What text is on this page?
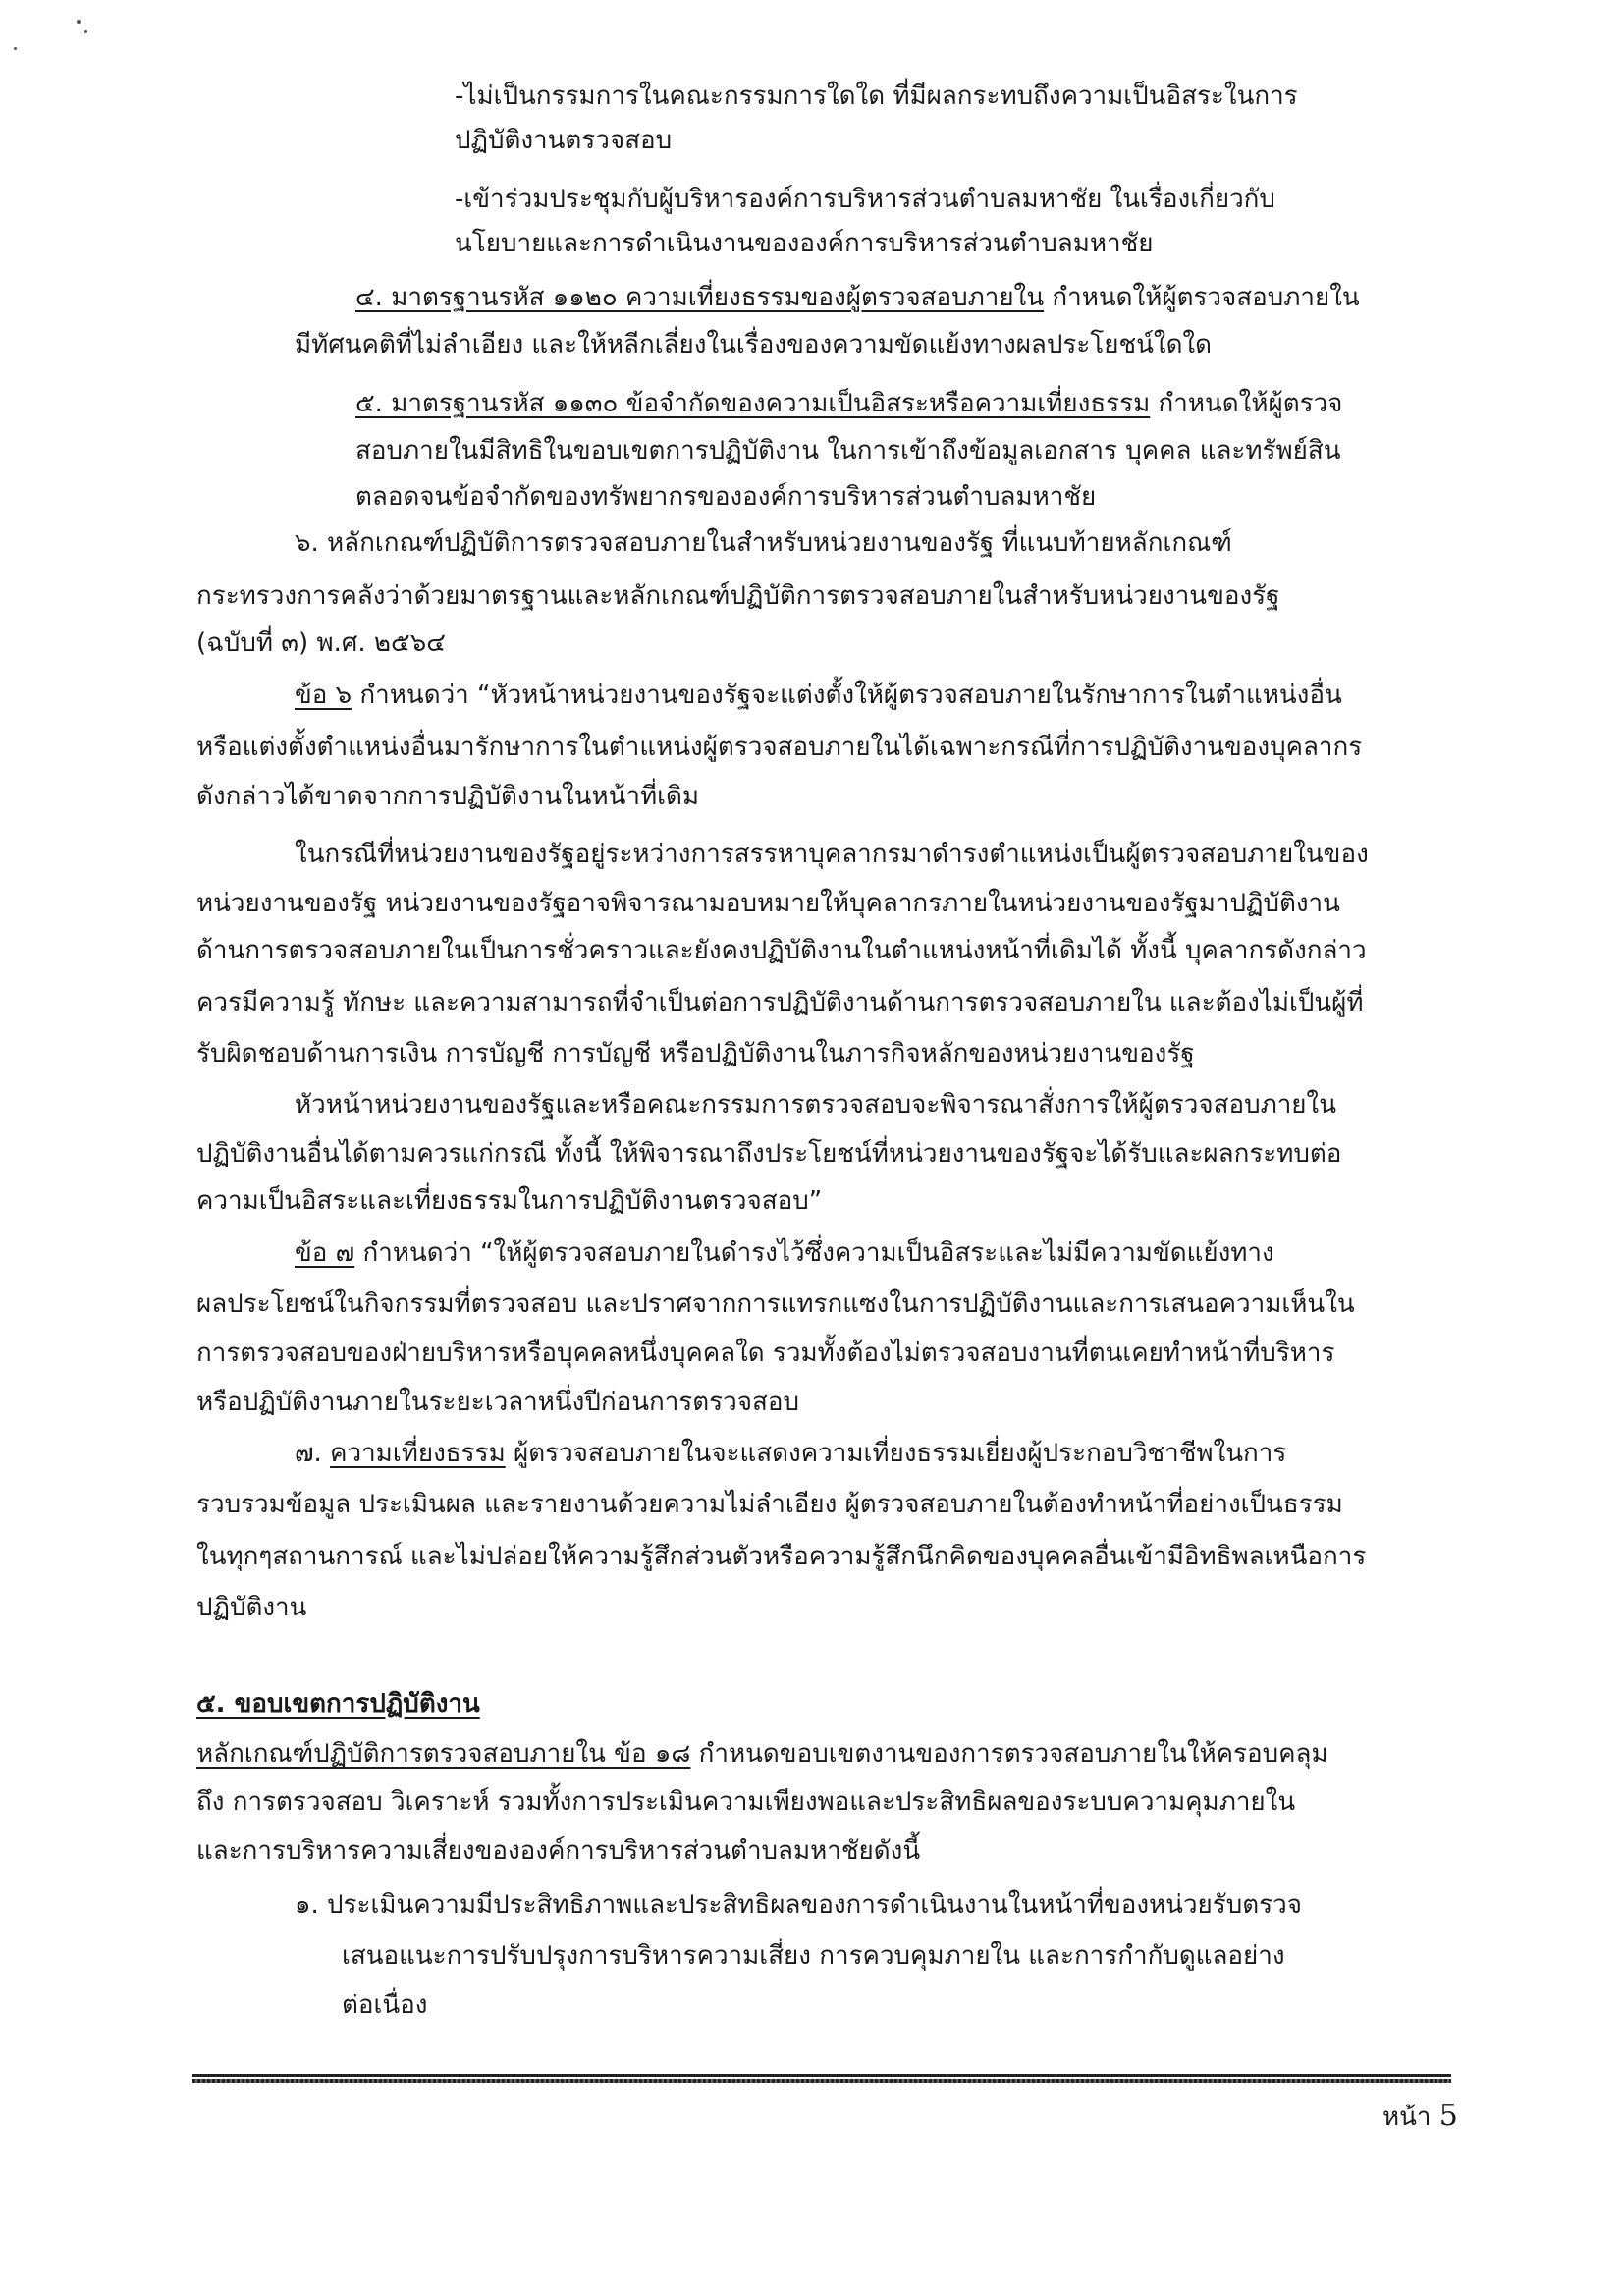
-ไม่เป็นกรรมการในคณะกรรมการใดใด ที่มีผลกระทบถึงความเป็นอิสระในการ
ปฏิบัติงานตรวจสอบ
-เข้าร่วมประชุมกับผู้บริหารองค์การบริหารส่วนตำบลมหาชัย ในเรื่องเกี่ยวกับ
นโยบายและการดำเนินงานขององค์การบริหารส่วนตำบลมหาชัย
๔. มาตรฐานรหัส ๑๑๒๐ ความเที่ยงธรรมของผู้ตรวจสอบภายใน กำหนดให้ผู้ตรวจสอบภายใน
มีทัศนคติที่ไม่ลำเอียง และให้หลีกเลี่ยงในเรื่องของความขัดแย้งทางผลประโยชน์ใดใด
๕. มาตรฐานรหัส ๑๑๓๐ ข้อจำกัดของความเป็นอิสระหรือความเที่ยงธรรม กำหนดให้ผู้ตรวจ
สอบภายในมีสิทธิในขอบเขตการปฏิบัติงาน ในการเข้าถึงข้อมูลเอกสาร บุคคล และทรัพย์สิน
ตลอดจนข้อจำกัดของทรัพยากรขององค์การบริหารส่วนตำบลมหาชัย
๖. หลักเกณฑ์ปฏิบัติการตรวจสอบภายในสำหรับหน่วยงานของรัฐ ที่แนบท้ายหลักเกณฑ์
กระทรวงการคลังว่าด้วยมาตรฐานและหลักเกณฑ์ปฏิบัติการตรวจสอบภายในสำหรับหน่วยงานของรัฐ
(ฉบับที่ ๓) พ.ศ. ๒๕๖๔
ข้อ ๖ กำหนดว่า “หัวหน้าหน่วยงานของรัฐจะแต่งตั้งให้ผู้ตรวจสอบภายในรักษาการในตำแหน่งอื่น
หรือแต่งตั้งตำแหน่งอื่นมารักษาการในตำแหน่งผู้ตรวจสอบภายในได้เฉพาะกรณีที่การปฏิบัติงานของบุคลากร
ดังกล่าวได้ขาดจากการปฏิบัติงานในหน้าที่เดิม
ในกรณีที่หน่วยงานของรัฐอยู่ระหว่างการสรรหาบุคลากรมาดำรงตำแหน่งเป็นผู้ตรวจสอบภายในของ
หน่วยงานของรัฐ หน่วยงานของรัฐอาจพิจารณามอบหมายให้บุคลากรภายในหน่วยงานของรัฐมาปฏิบัติงาน
ด้านการตรวจสอบภายในเป็นการชั่วคราวและยังคงปฏิบัติงานในตำแหน่งหน้าที่เดิมได้ ทั้งนี้ บุคลากรดังกล่าว
ควรมีความรู้ ทักษะ และความสามารถที่จำเป็นต่อการปฏิบัติงานด้านการตรวจสอบภายใน และต้องไม่เป็นผู้ที่
รับผิดชอบด้านการเงิน การบัญชี การบัญชี หรือปฏิบัติงานในภารกิจหลักของหน่วยงานของรัฐ
หัวหน้าหน่วยงานของรัฐและหรือคณะกรรมการตรวจสอบจะพิจารณาสั่งการให้ผู้ตรวจสอบภายใน
ปฏิบัติงานอื่นได้ตามควรแก่กรณี ทั้งนี้ ให้พิจารณาถึงประโยชน์ที่หน่วยงานของรัฐจะได้รับและผลกระทบต่อ
ความเป็นอิสระและเที่ยงธรรมในการปฏิบัติงานตรวจสอบ”
ข้อ ๗ กำหนดว่า “ให้ผู้ตรวจสอบภายในดำรงไว้ซึ่งความเป็นอิสระและไม่มีความขัดแย้งทาง
ผลประโยชน์ในกิจกรรมที่ตรวจสอบ และปราศจากการแทรกแซงในการปฏิบัติงานและการเสนอความเห็นใน
การตรวจสอบของฝ่ายบริหารหรือบุคคลหนึ่งบุคคลใด รวมทั้งต้องไม่ตรวจสอบงานที่ตนเคยทำหน้าที่บริหาร
หรือปฏิบัติงานภายในระยะเวลาหนึ่งปีก่อนการตรวจสอบ
๗. ความเที่ยงธรรม ผู้ตรวจสอบภายในจะแสดงความเที่ยงธรรมเยี่ยงผู้ประกอบวิชาชีพในการ
รวบรวมข้อมูล ประเมินผล และรายงานด้วยความไม่ลำเอียง ผู้ตรวจสอบภายในต้องทำหน้าที่อย่างเป็นธรรม
ในทุกๆสถานการณ์ และไม่ปล่อยให้ความรู้สึกส่วนตัวหรือความรู้สึกนึกคิดของบุคคลอื่นเข้ามีอิทธิพลเหนือการ
ปฏิบัติงาน
๕. ขอบเขตการปฏิบัติงาน
หลักเกณฑ์ปฏิบัติการตรวจสอบภายใน ข้อ ๑๘ กำหนดขอบเขตงานของการตรวจสอบภายในให้ครอบคลุม
ถึง การตรวจสอบ วิเคราะห์ รวมทั้งการประเมินความเพียงพอและประสิทธิผลของระบบความคุมภายใน
และการบริหารความเสี่ยงขององค์การบริหารส่วนตำบลมหาชัยดังนี้
๑. ประเมินความมีประสิทธิภาพและประสิทธิผลของการดำเนินงานในหน้าที่ของหน่วยรับตรวจ
เสนอแนะการปรับปรุงการบริหารความเสี่ยง การควบคุมภายใน และการกำกับดูแลอย่าง
ต่อเนื่อง
หน้า 5
